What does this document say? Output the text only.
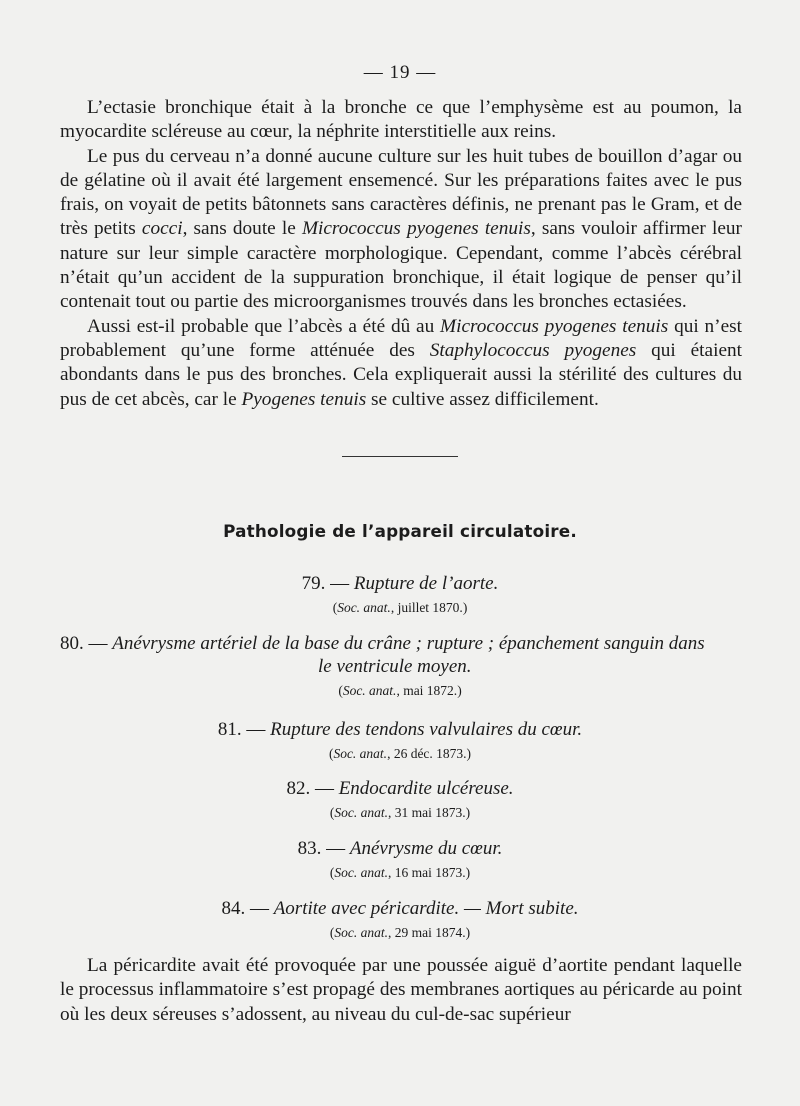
— 19 —

L’ectasie bronchique était à la bronche ce que l’emphysème est au poumon, la myocardite scléreuse au cœur, la néphrite interstitielle aux reins.

Le pus du cerveau n’a donné aucune culture sur les huit tubes de bouillon d’agar ou de gélatine où il avait été largement ensemencé. Sur les préparations faites avec le pus frais, on voyait de petits bâtonnets sans caractères définis, ne prenant pas le Gram, et de très petits cocci, sans doute le Micrococcus pyogenes tenuis, sans vouloir affirmer leur nature sur leur simple caractère morphologique. Cependant, comme l’abcès cérébral n’était qu’un accident de la suppuration bronchique, il était logique de penser qu’il contenait tout ou partie des microorganismes trouvés dans les bronches ectasiées.

Aussi est-il probable que l’abcès a été dû au Micrococcus pyogenes tenuis qui n’est probablement qu’une forme atténuée des Staphylococcus pyogenes qui étaient abondants dans le pus des bronches. Cela expliquerait aussi la stérilité des cultures du pus de cet abcès, car le Pyogenes tenuis se cultive assez difficilement.

Pathologie de l’appareil circulatoire.
79. — Rupture de l’aorte.
(Soc. anat., juillet 1870.)
80. — Anévrysme artériel de la base du crâne ; rupture ; épanchement sanguin dans
le ventricule moyen.
(Soc. anat., mai 1872.)
81. — Rupture des tendons valvulaires du cœur.
(Soc. anat., 26 déc. 1873.)
82. — Endocardite ulcéreuse.
(Soc. anat., 31 mai 1873.)
83. — Anévrysme du cœur.
(Soc. anat., 16 mai 1873.)
84. — Aortite avec péricardite. — Mort subite.
(Soc. anat., 29 mai 1874.)

La péricardite avait été provoquée par une poussée aiguë d’aortite pendant laquelle le processus inflammatoire s’est propagé des membranes aortiques au péricarde au point où les deux séreuses s’adossent, au niveau du cul-de-sac supérieur
